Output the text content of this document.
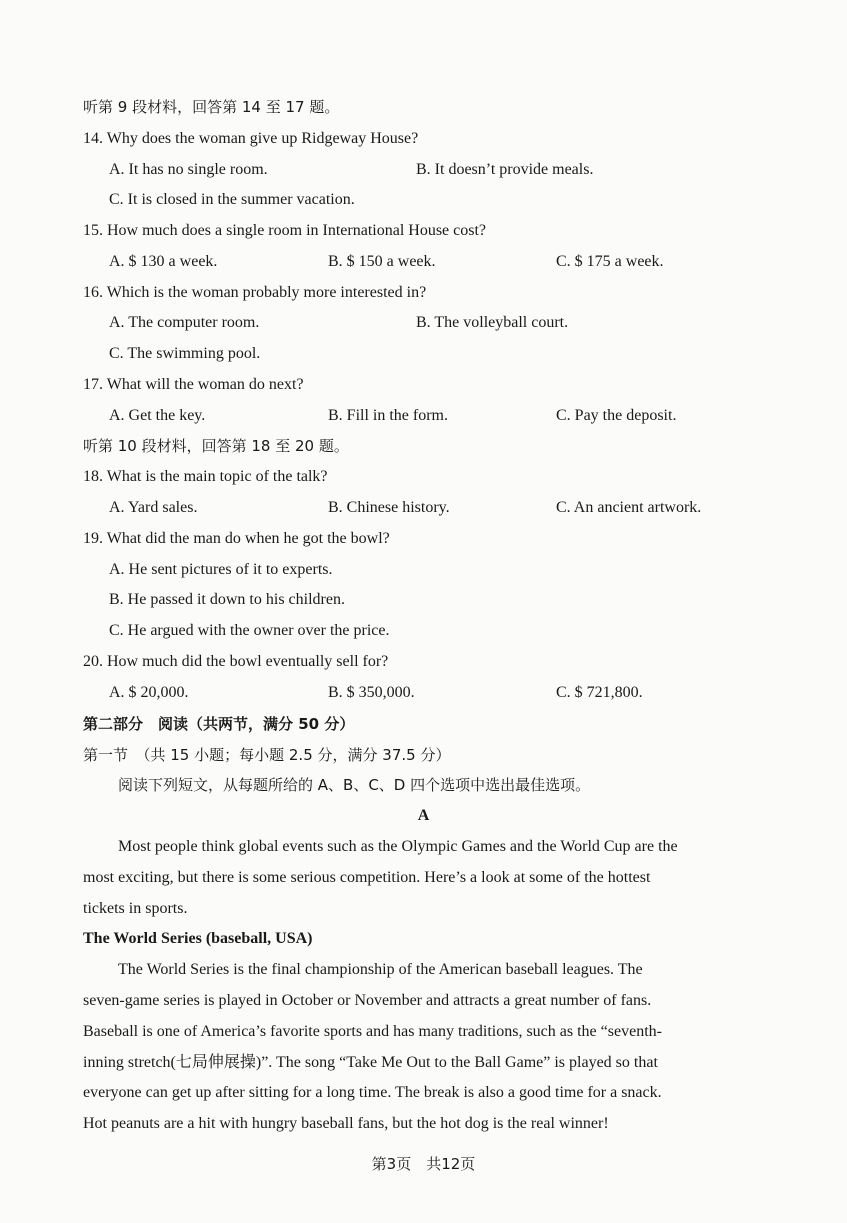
听第 9 段材料，回答第 14 至 17 题。
14. Why does the woman give up Ridgeway House?
A. It has no single room.	B. It doesn’t provide meals.
C. It is closed in the summer vacation.
15. How much does a single room in International House cost?
A. $ 130 a week.	B. $ 150 a week.	C. $ 175 a week.
16. Which is the woman probably more interested in?
A. The computer room.	B. The volleyball court.
C. The swimming pool.
17. What will the woman do next?
A. Get the key.	B. Fill in the form.	C. Pay the deposit.
听第 10 段材料，回答第 18 至 20 题。
18. What is the main topic of the talk?
A. Yard sales.	B. Chinese history.	C. An ancient artwork.
19. What did the man do when he got the bowl?
A. He sent pictures of it to experts.
B. He passed it down to his children.
C. He argued with the owner over the price.
20. How much did the bowl eventually sell for?
A. $ 20,000.	B. $ 350,000.	C. $ 721,800.
第二部分　阅读（共两节，满分 50 分）
第一节　（共 15 小题；每小题 2.5 分，满分 37.5 分）
阅读下列短文，从每题所给的 A、B、C、D 四个选项中选出最佳选项。
A
Most people think global events such as the Olympic Games and the World Cup are the
most exciting, but there is some serious competition. Here’s a look at some of the hottest
tickets in sports.
The World Series (baseball, USA)
The World Series is the final championship of the American baseball leagues. The
seven-game series is played in October or November and attracts a great number of fans.
Baseball is one of America’s favorite sports and has many traditions, such as the “seventh-
inning stretch(七局伸展操)”. The song “Take Me Out to the Ball Game” is played so that
everyone can get up after sitting for a long time. The break is also a good time for a snack.
Hot peanuts are a hit with hungry baseball fans, but the hot dog is the real winner!
第3页　共12页
